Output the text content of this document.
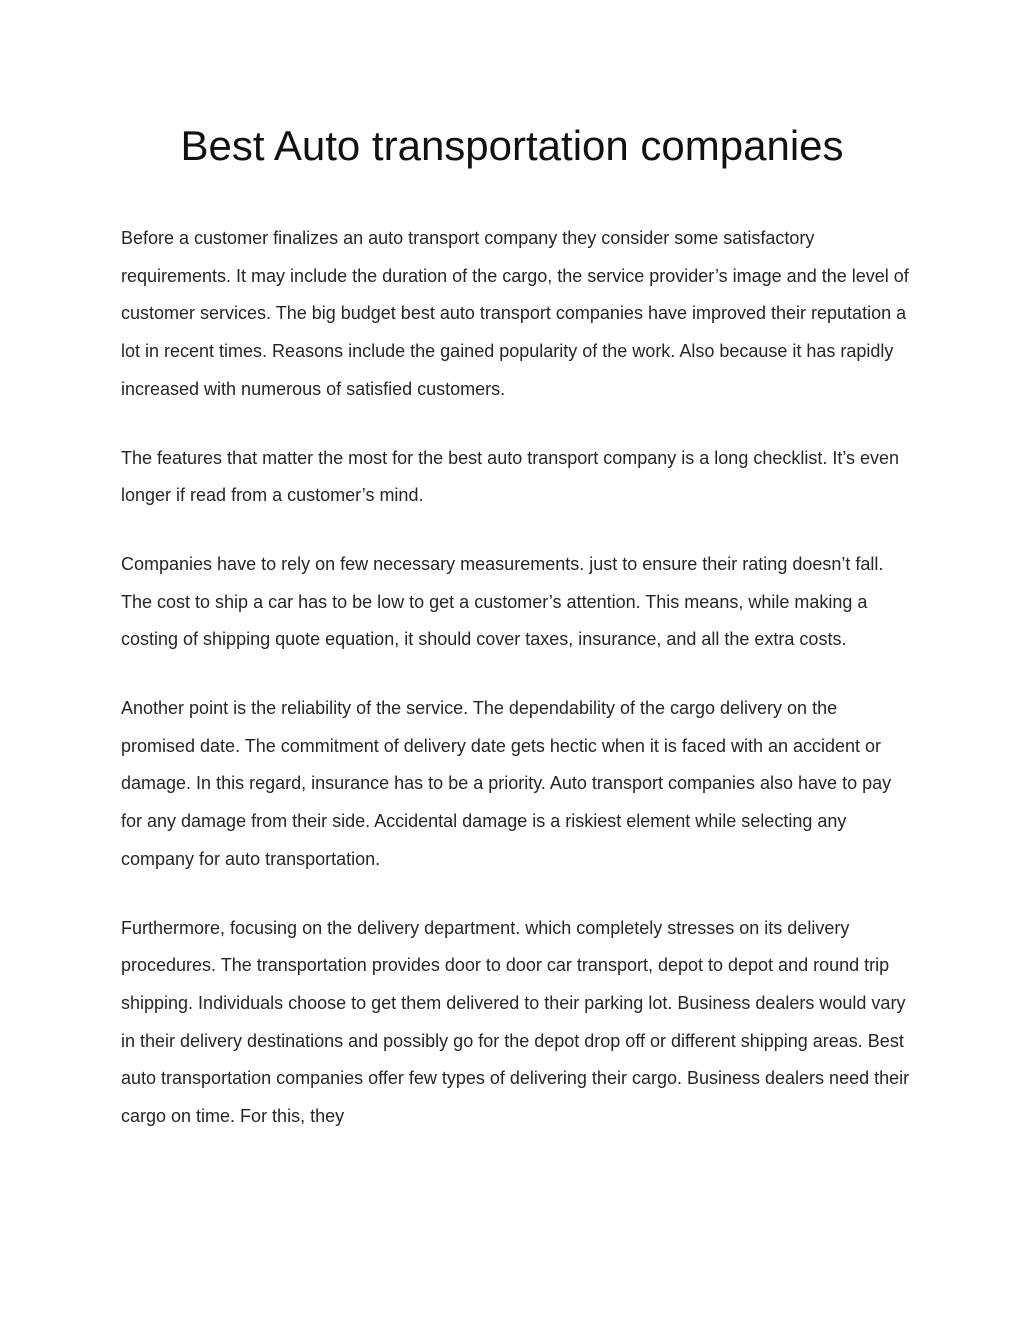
Best Auto transportation companies

Before a customer finalizes an auto transport company they consider some satisfactory requirements. It may include the duration of the cargo, the service provider’s image and the level of customer services. The big budget best auto transport companies have improved their reputation a lot in recent times. Reasons include the gained popularity of the work. Also because it has rapidly increased with numerous of satisfied customers.

The features that matter the most for the best auto transport company is a long checklist. It’s even longer if read from a customer’s mind.

Companies have to rely on few necessary measurements. just to ensure their rating doesn’t fall. The cost to ship a car has to be low to get a customer’s attention. This means, while making a costing of shipping quote equation, it should cover taxes, insurance, and all the extra costs.

Another point is the reliability of the service. The dependability of the cargo delivery on the promised date. The commitment of delivery date gets hectic when it is faced with an accident or damage. In this regard, insurance has to be a priority. Auto transport companies also have to pay for any damage from their side. Accidental damage is a riskiest element while selecting any company for auto transportation.

Furthermore, focusing on the delivery department. which completely stresses on its delivery procedures. The transportation provides door to door car transport, depot to depot and round trip shipping. Individuals choose to get them delivered to their parking lot. Business dealers would vary in their delivery destinations and possibly go for the depot drop off or different shipping areas. Best auto transportation companies offer few types of delivering their cargo. Business dealers need their cargo on time. For this, they
